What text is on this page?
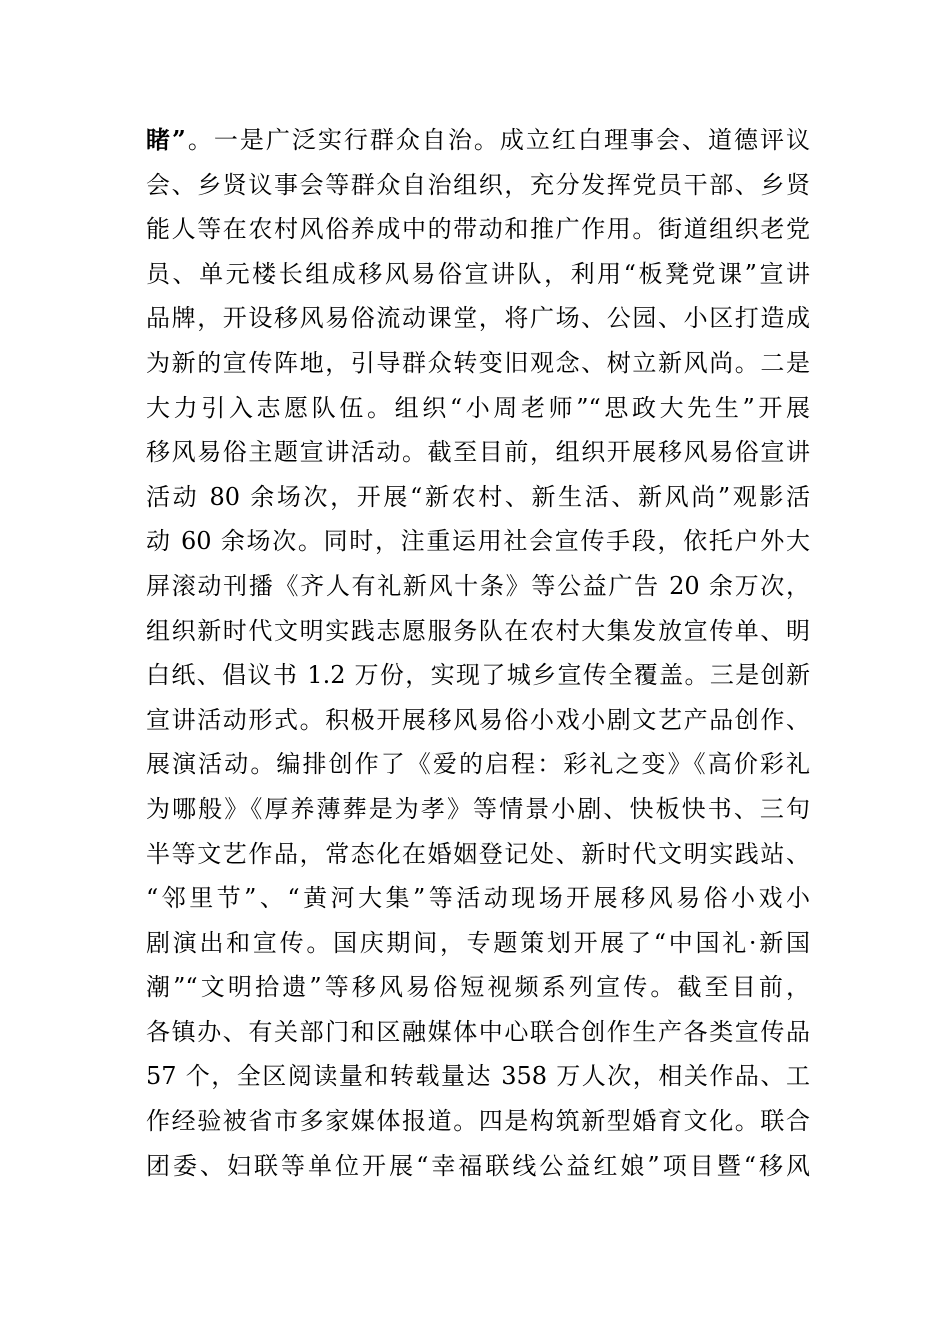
睹”。一是广泛实行群众自治。成立红白理事会、道德评议
会、乡贤议事会等群众自治组织，充分发挥党员干部、乡贤
能人等在农村风俗养成中的带动和推广作用。街道组织老党
员、单元楼长组成移风易俗宣讲队，利用“板凳党课”宣讲
品牌，开设移风易俗流动课堂，将广场、公园、小区打造成
为新的宣传阵地，引导群众转变旧观念、树立新风尚。二是
大力引入志愿队伍。组织“小周老师”“思政大先生”开展
移风易俗主题宣讲活动。截至目前，组织开展移风易俗宣讲
活动 80 余场次，开展“新农村、新生活、新风尚”观影活
动 60 余场次。同时，注重运用社会宣传手段，依托户外大
屏滚动刊播《齐人有礼新风十条》等公益广告 20 余万次，
组织新时代文明实践志愿服务队在农村大集发放宣传单、明
白纸、倡议书 1.2 万份，实现了城乡宣传全覆盖。三是创新
宣讲活动形式。积极开展移风易俗小戏小剧文艺产品创作、
展演活动。编排创作了《爱的启程：彩礼之变》《高价彩礼
为哪般》《厚养薄葬是为孝》等情景小剧、快板快书、三句
半等文艺作品，常态化在婚姻登记处、新时代文明实践站、
“邻里节”、“黄河大集”等活动现场开展移风易俗小戏小
剧演出和宣传。国庆期间，专题策划开展了“中国礼·新国
潮”“文明拾遗”等移风易俗短视频系列宣传。截至目前，
各镇办、有关部门和区融媒体中心联合创作生产各类宣传品
57 个，全区阅读量和转载量达 358 万人次，相关作品、工
作经验被省市多家媒体报道。四是构筑新型婚育文化。联合
团委、妇联等单位开展“幸福联线公益红娘”项目暨“移风
